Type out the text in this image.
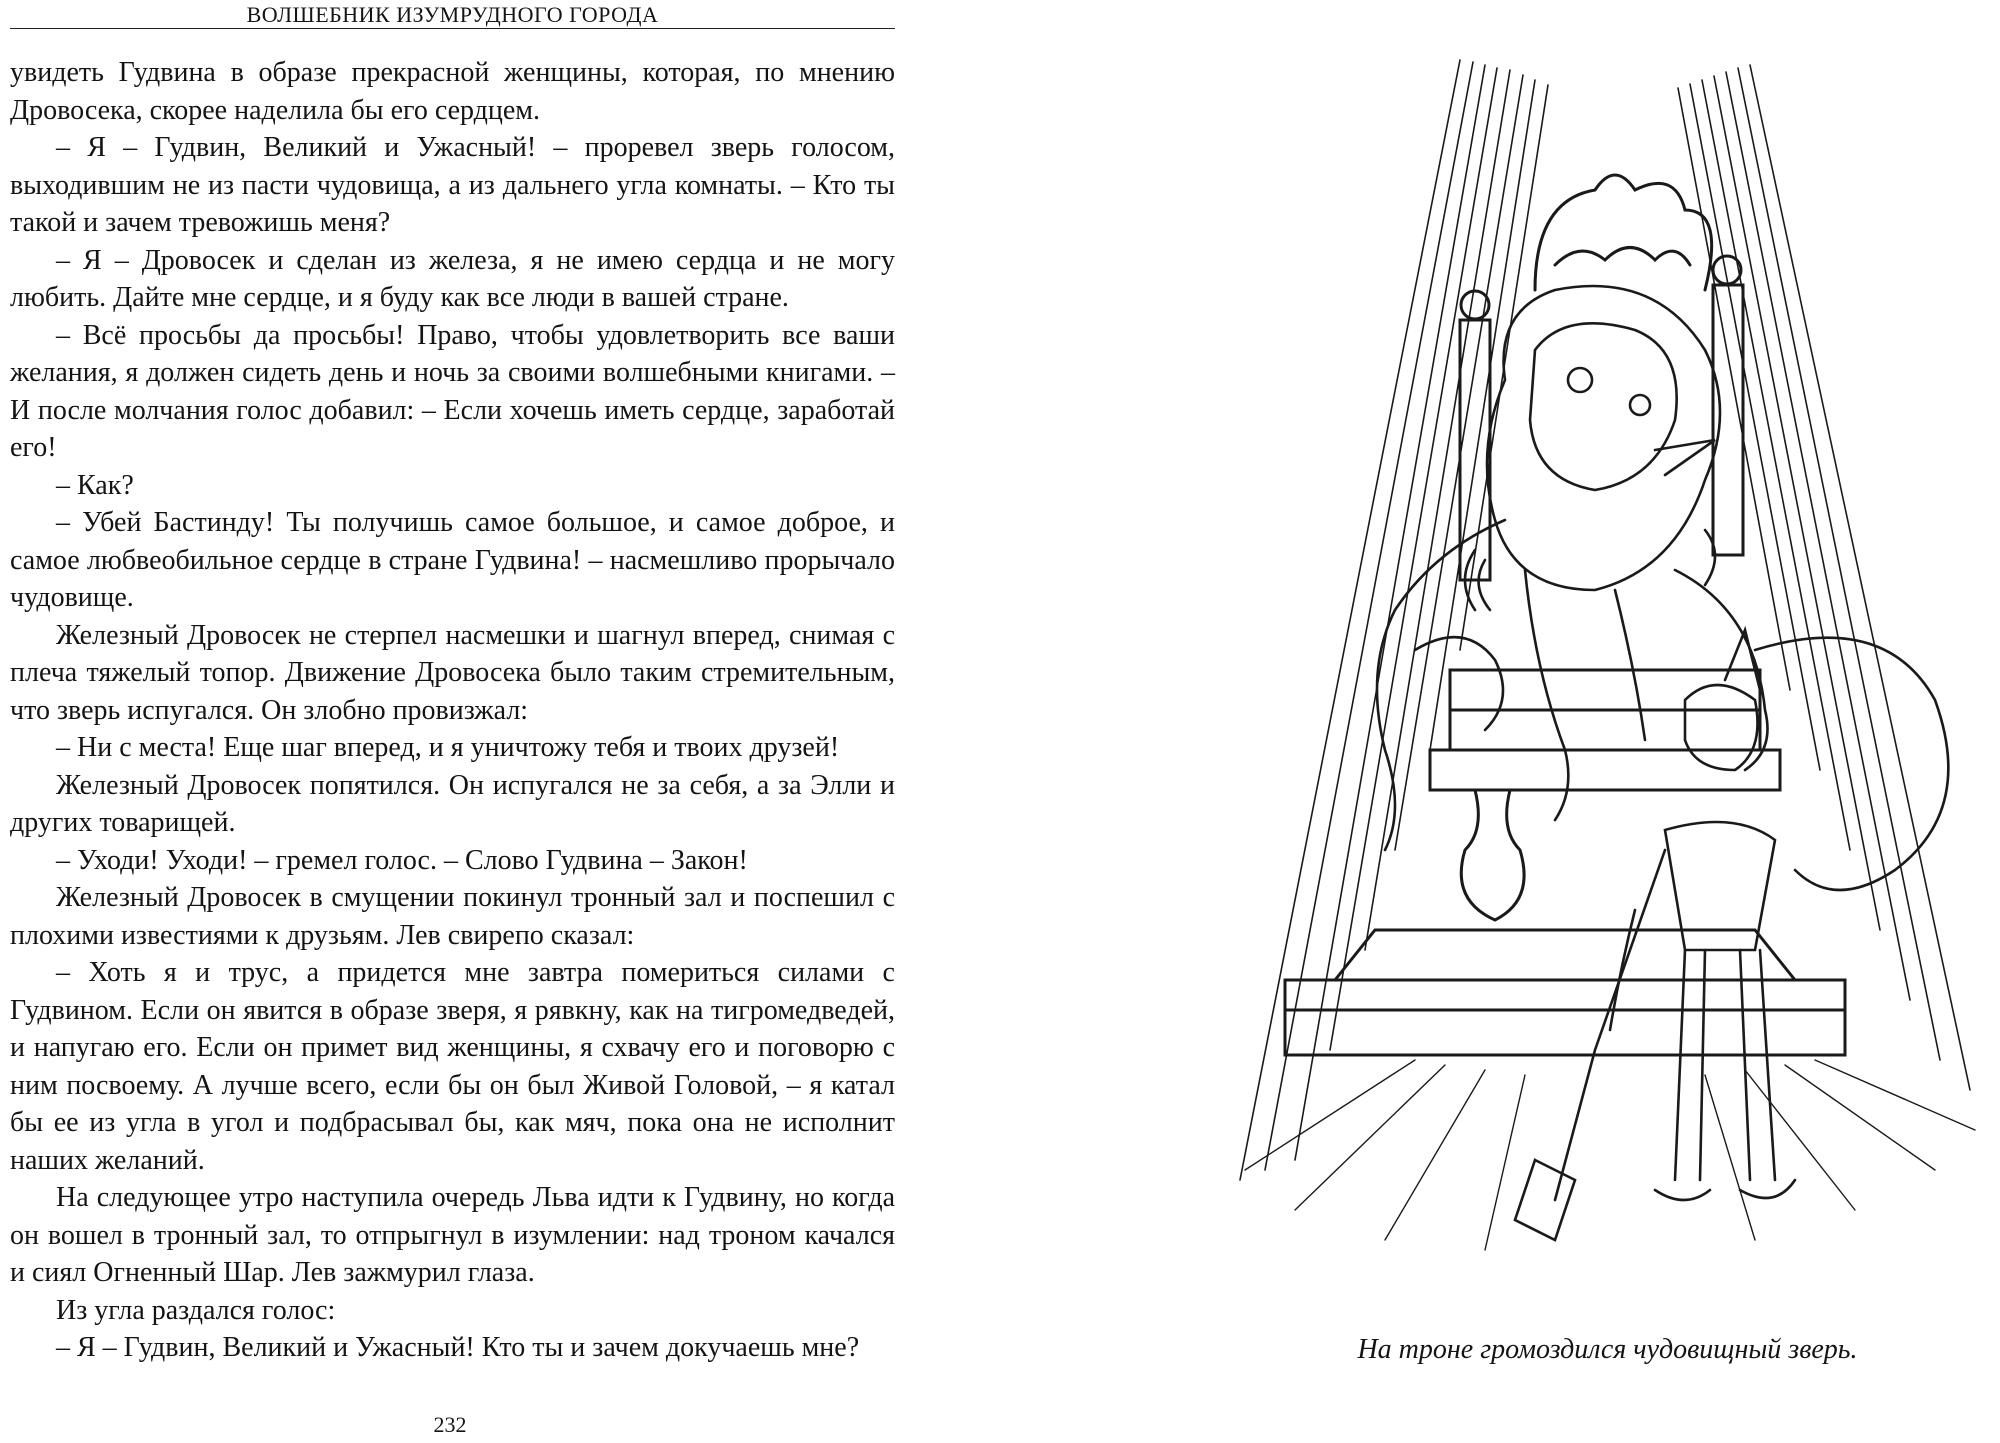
ВОЛШЕБНИК ИЗУМРУДНОГО ГОРОДА

увидеть Гудвина в образе прекрасной женщины, которая, по мнению Дровосека, скорее наделила бы его сердцем.

– Я – Гудвин, Великий и Ужасный! – проревел зверь голосом, выходившим не из пасти чудовища, а из дальнего угла комнаты. – Кто ты такой и зачем тревожишь меня?

– Я – Дровосек и сделан из железа, я не имею сердца и не могу любить. Дайте мне сердце, и я буду как все люди в вашей стране.

– Всё просьбы да просьбы! Право, чтобы удовлетворить все ваши желания, я должен сидеть день и ночь за своими волшебными книгами. – И после молчания голос добавил: – Если хочешь иметь сердце, заработай его!

– Как?

– Убей Бастинду! Ты получишь самое большое, и самое доброе, и самое любвеобильное сердце в стране Гудвина! – насмешливо прорычало чудовище.

Железный Дровосек не стерпел насмешки и шагнул вперед, снимая с плеча тяжелый топор. Движение Дровосека было таким стремительным, что зверь испугался. Он злобно провизжал:

– Ни с места! Еще шаг вперед, и я уничтожу тебя и твоих друзей!

Железный Дровосек попятился. Он испугался не за себя, а за Элли и других товарищей.

– Уходи! Уходи! – гремел голос. – Слово Гудвина – Закон!

Железный Дровосек в смущении покинул тронный зал и поспешил с плохими известиями к друзьям. Лев свирепо сказал:

– Хоть я и трус, а придется мне завтра помериться силами с Гудвином. Если он явится в образе зверя, я рявкну, как на тигромедведей, и напугаю его. Если он примет вид женщины, я схвачу его и поговорю с ним посвоему. А лучше всего, если бы он был Живой Головой, – я катал бы ее из угла в угол и подбрасывал бы, как мяч, пока она не исполнит наших желаний.

На следующее утро наступила очередь Льва идти к Гудвину, но когда он вошел в тронный зал, то отпрыгнул в изумлении: над троном качался и сиял Огненный Шар. Лев зажмурил глаза.

Из угла раздался голос:

– Я – Гудвин, Великий и Ужасный! Кто ты и зачем докучаешь мне?

232
На троне громоздился чудовищный зверь.
